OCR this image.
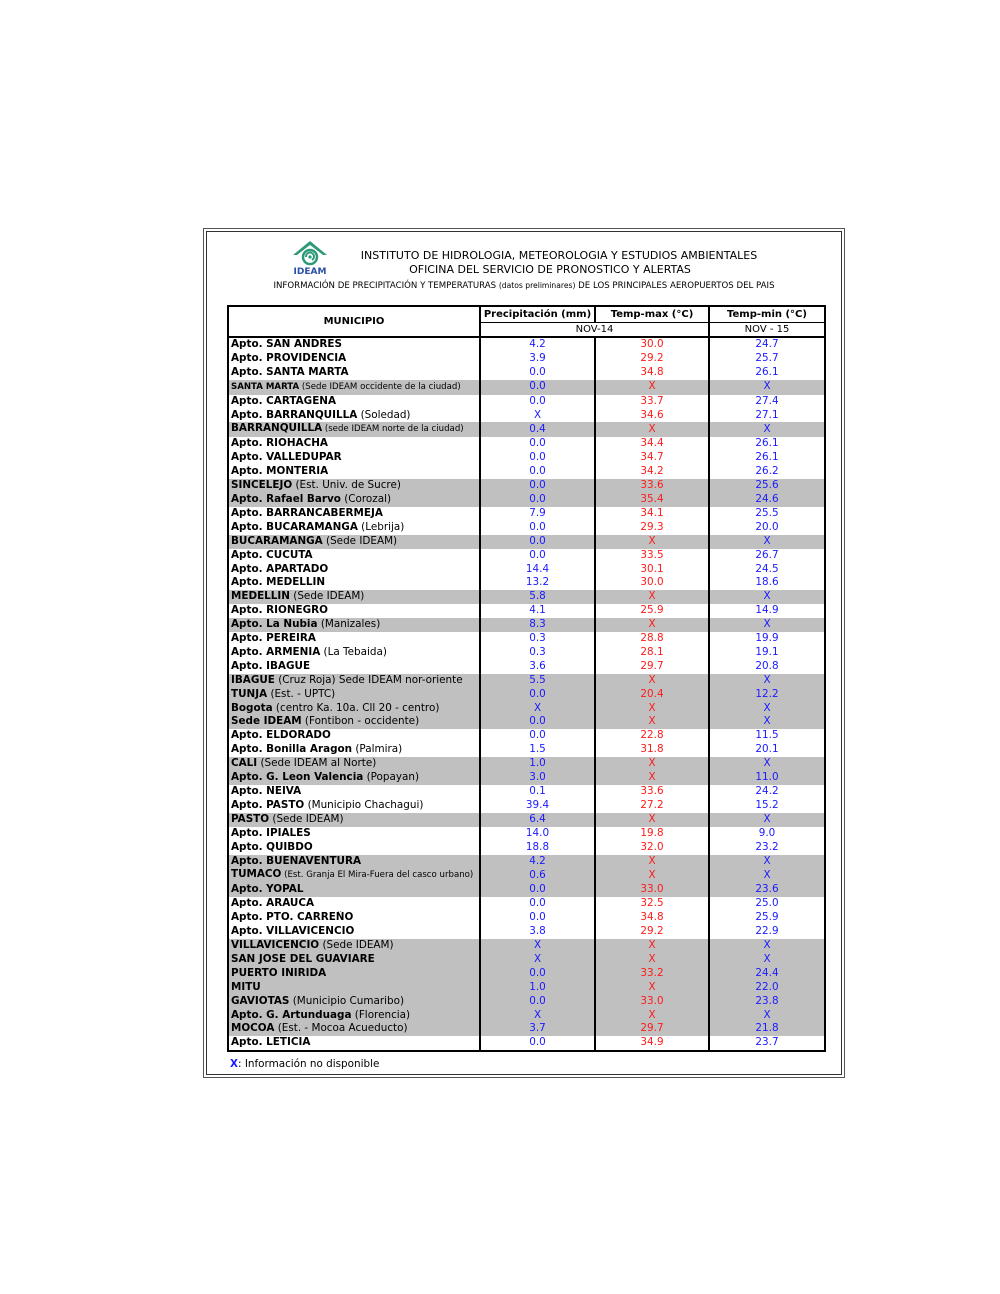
IDEAM
INSTITUTO DE HIDROLOGIA, METEOROLOGIA Y ESTUDIOS AMBIENTALES
OFICINA DEL SERVICIO DE PRONOSTICO Y ALERTAS
INFORMACIÓN DE PRECIPITACIÓN Y TEMPERATURAS (datos preliminares) DE LOS PRINCIPALES AEROPUERTOS DEL PAIS
MUNICIPIO	Precipitación (mm)	Temp-max (°C)	Temp-min (°C)
	NOV-14		NOV - 15
Apto. SAN ANDRES	4.2	30.0	24.7
Apto. PROVIDENCIA	3.9	29.2	25.7
Apto. SANTA MARTA	0.0	34.8	26.1
SANTA MARTA (Sede IDEAM occidente de la ciudad)	0.0	X	X
Apto. CARTAGENA	0.0	33.7	27.4
Apto. BARRANQUILLA (Soledad)	X	34.6	27.1
BARRANQUILLA (sede IDEAM norte de la ciudad)	0.4	X	X
Apto. RIOHACHA	0.0	34.4	26.1
Apto. VALLEDUPAR	0.0	34.7	26.1
Apto. MONTERIA	0.0	34.2	26.2
SINCELEJO (Est. Univ. de Sucre)	0.0	33.6	25.6
Apto. Rafael Barvo (Corozal)	0.0	35.4	24.6
Apto. BARRANCABERMEJA	7.9	34.1	25.5
Apto. BUCARAMANGA (Lebrija)	0.0	29.3	20.0
BUCARAMANGA (Sede IDEAM)	0.0	X	X
Apto. CUCUTA	0.0	33.5	26.7
Apto. APARTADO	14.4	30.1	24.5
Apto. MEDELLIN	13.2	30.0	18.6
MEDELLIN (Sede IDEAM)	5.8	X	X
Apto. RIONEGRO	4.1	25.9	14.9
Apto. La Nubia (Manizales)	8.3	X	X
Apto. PEREIRA	0.3	28.8	19.9
Apto. ARMENIA (La Tebaida)	0.3	28.1	19.1
Apto. IBAGUE	3.6	29.7	20.8
IBAGUE (Cruz Roja) Sede IDEAM nor-oriente	5.5	X	X
TUNJA (Est. - UPTC)	0.0	20.4	12.2
Bogota (centro Ka. 10a. Cll 20 - centro)	X	X	X
Sede IDEAM (Fontibon - occidente)	0.0	X	X
Apto. ELDORADO	0.0	22.8	11.5
Apto. Bonilla Aragon (Palmira)	1.5	31.8	20.1
CALI (Sede IDEAM al Norte)	1.0	X	X
Apto. G. Leon Valencia (Popayan)	3.0	X	11.0
Apto. NEIVA	0.1	33.6	24.2
Apto. PASTO (Municipio Chachagui)	39.4	27.2	15.2
PASTO (Sede IDEAM)	6.4	X	X
Apto. IPIALES	14.0	19.8	9.0
Apto. QUIBDO	18.8	32.0	23.2
Apto. BUENAVENTURA	4.2	X	X
TUMACO (Est. Granja El Mira-Fuera del casco urbano)	0.6	X	X
Apto. YOPAL	0.0	33.0	23.6
Apto. ARAUCA	0.0	32.5	25.0
Apto. PTO. CARREÑO	0.0	34.8	25.9
Apto. VILLAVICENCIO	3.8	29.2	22.9
VILLAVICENCIO (Sede IDEAM)	X	X	X
SAN JOSE DEL GUAVIARE	X	X	X
PUERTO INIRIDA	0.0	33.2	24.4
MITU	1.0	X	22.0
GAVIOTAS (Municipio Cumaribo)	0.0	33.0	23.8
Apto. G. Artunduaga (Florencia)	X	X	X
MOCOA (Est. - Mocoa Acueducto)	3.7	29.7	21.8
Apto. LETICIA	0.0	34.9	23.7
X: Información no disponible
